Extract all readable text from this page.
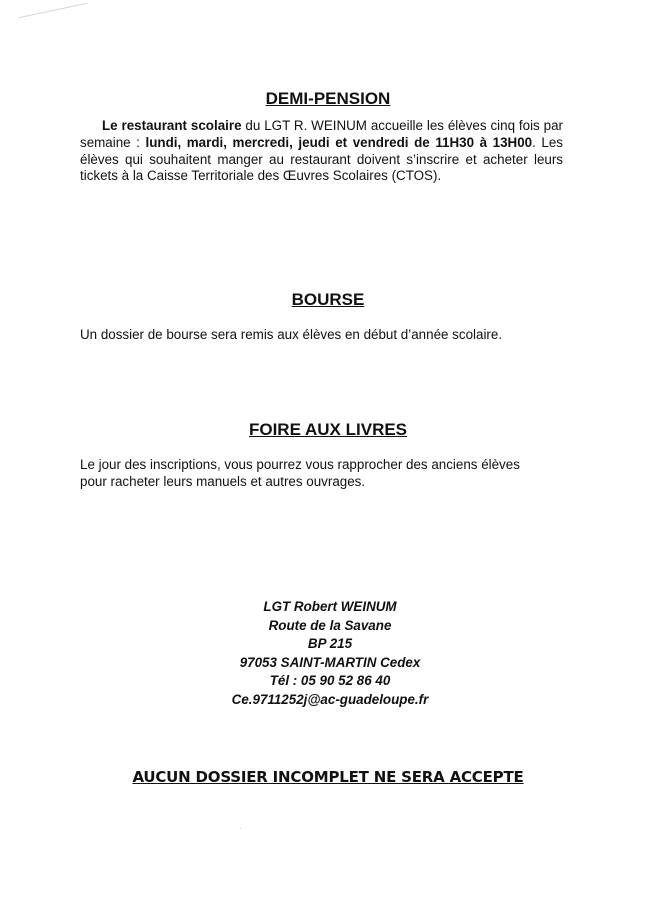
DEMI-PENSION

Le restaurant scolaire du LGT R. WEINUM accueille les élèves cinq fois par semaine : lundi, mardi, mercredi, jeudi et vendredi de 11H30 à 13H00. Les élèves qui souhaitent manger au restaurant doivent s’inscrire et acheter leurs tickets à la Caisse Territoriale des Œuvres Scolaires (CTOS).

BOURSE

Un dossier de bourse sera remis aux élèves en début d’année scolaire.

FOIRE AUX LIVRES

Le jour des inscriptions, vous pourrez vous rapprocher des anciens élèves pour racheter leurs manuels et autres ouvrages.

LGT Robert WEINUM
Route de la Savane
BP 215
97053 SAINT-MARTIN Cedex
Tél : 05 90 52 86 40
Ce.9711252j@ac-guadeloupe.fr
AUCUN DOSSIER INCOMPLET NE SERA ACCEPTE
